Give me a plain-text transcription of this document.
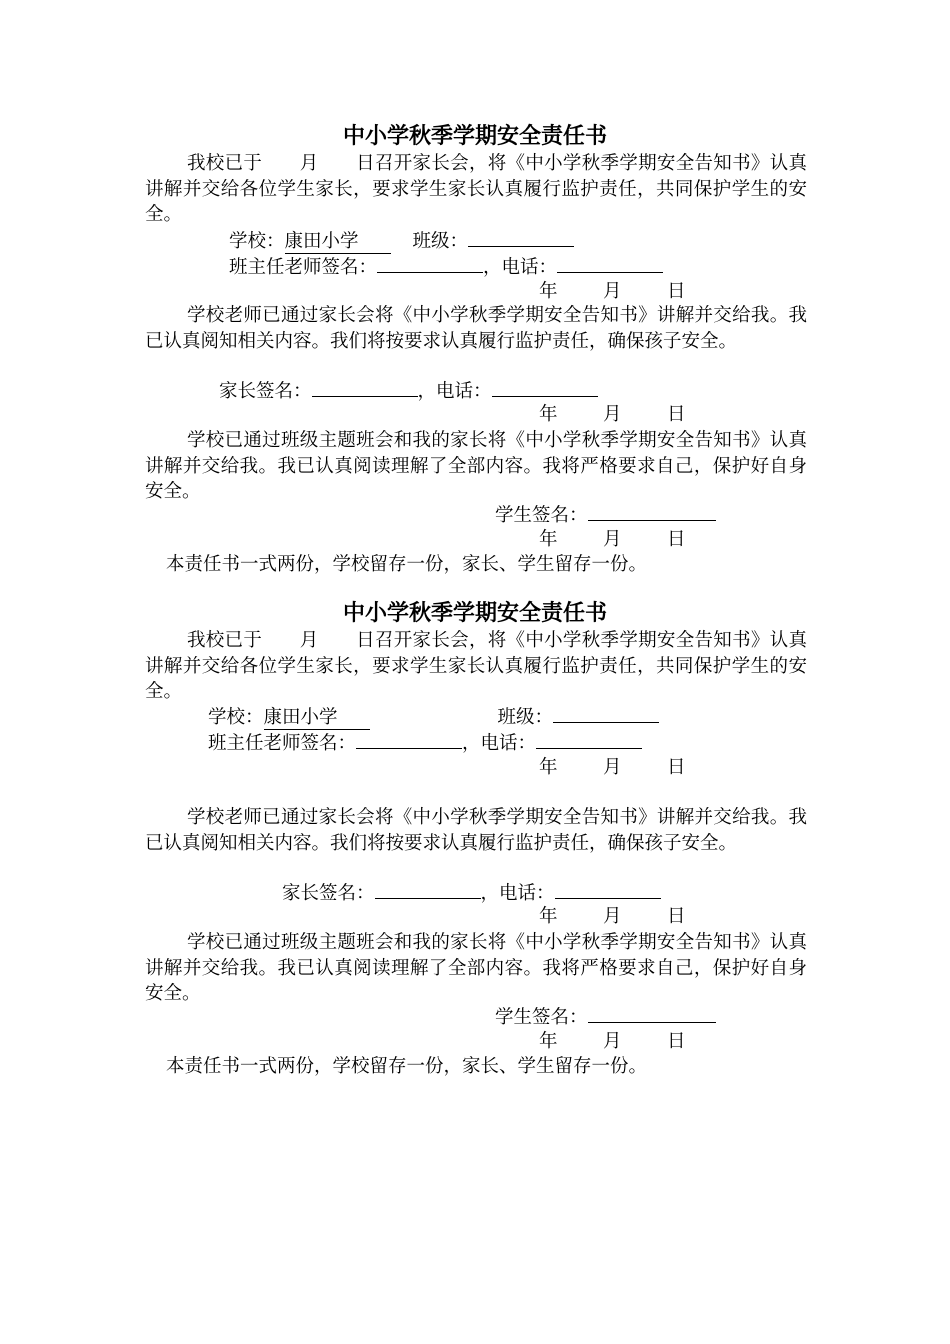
中小学秋季学期安全责任书
我校已于　　月　　日召开家长会，将《中小学秋季学期安全告知书》认真讲解并交给各位学生家长，要求学生家长认真履行监护责任，共同保护学生的安全。
学校：康田小学	班级：
班主任老师签名：	，电话：
年 月 日
学校老师已通过家长会将《中小学秋季学期安全告知书》讲解并交给我。我已认真阅知相关内容。我们将按要求认真履行监护责任，确保孩子安全。
家长签名：	，电话：
年 月 日
学校已通过班级主题班会和我的家长将《中小学秋季学期安全告知书》认真讲解并交给我。我已认真阅读理解了全部内容。我将严格要求自己，保护好自身安全。
学生签名：
年 月 日
本责任书一式两份，学校留存一份，家长、学生留存一份。
中小学秋季学期安全责任书
我校已于　　月　　日召开家长会，将《中小学秋季学期安全告知书》认真讲解并交给各位学生家长，要求学生家长认真履行监护责任，共同保护学生的安全。
学校：康田小学	班级：
班主任老师签名：	，电话：
年 月 日
学校老师已通过家长会将《中小学秋季学期安全告知书》讲解并交给我。我已认真阅知相关内容。我们将按要求认真履行监护责任，确保孩子安全。
家长签名：	，电话：
年 月 日
学校已通过班级主题班会和我的家长将《中小学秋季学期安全告知书》认真讲解并交给我。我已认真阅读理解了全部内容。我将严格要求自己，保护好自身安全。
学生签名：
年 月 日
本责任书一式两份，学校留存一份，家长、学生留存一份。
